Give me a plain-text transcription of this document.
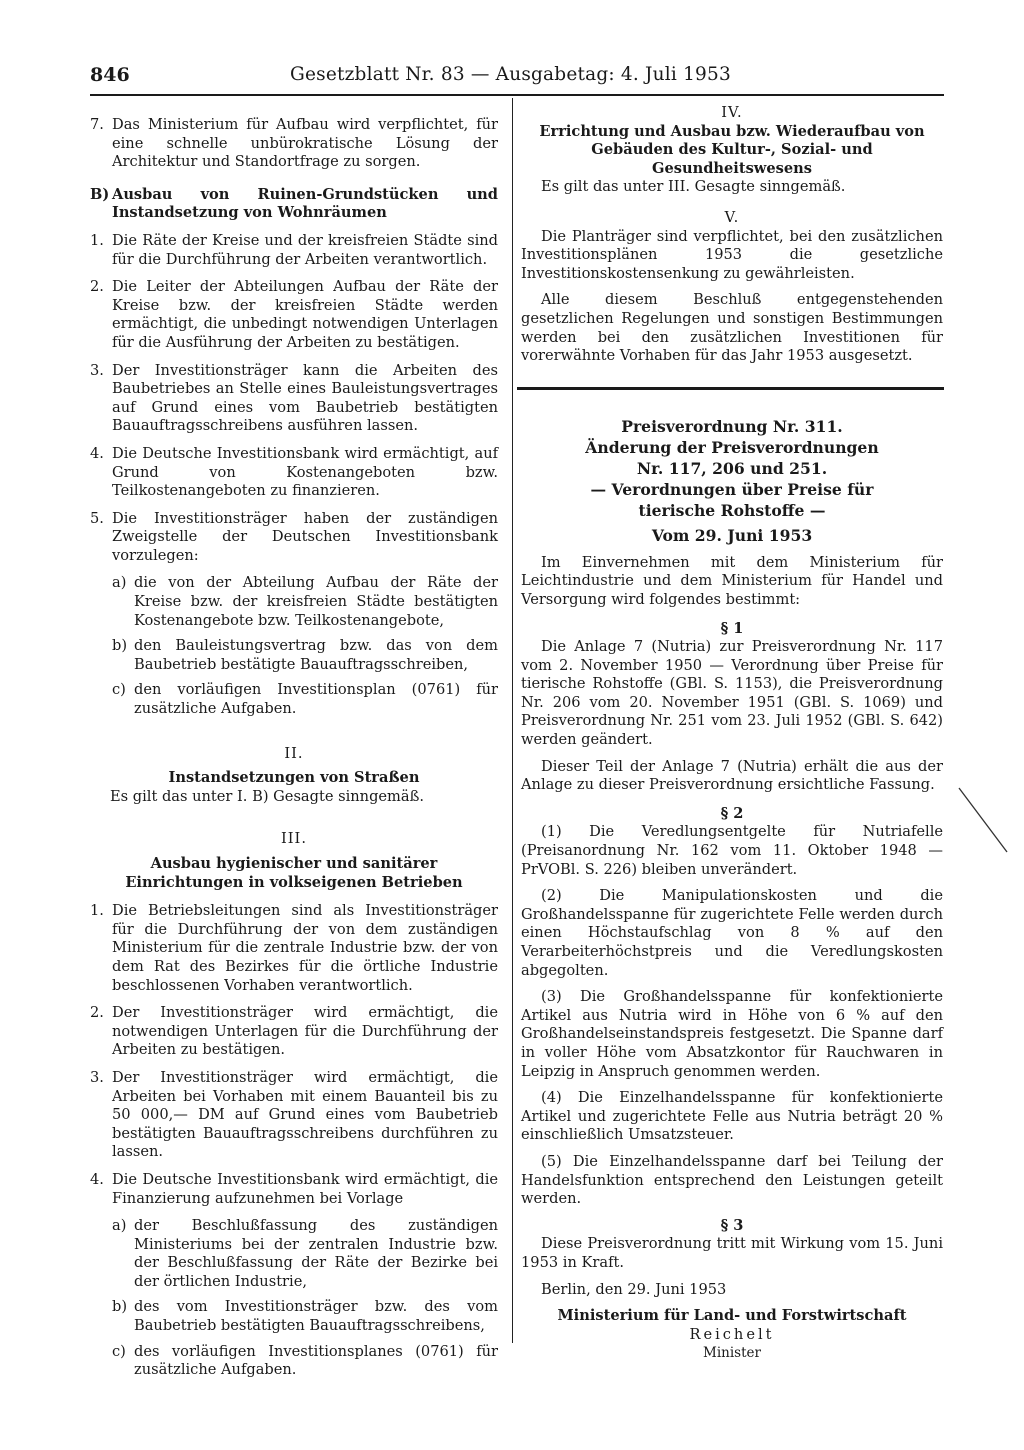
846	Gesetzblatt Nr. 83 — Ausgabetag: 4. Juli 1953
7. Das Ministerium für Aufbau wird verpflichtet, für eine schnelle unbürokratische Lösung der Architektur und Standortfrage zu sorgen.
B) Ausbau von Ruinen-Grundstücken und Instandsetzung von Wohnräumen
1. Die Räte der Kreise und der kreisfreien Städte sind für die Durchführung der Arbeiten verantwortlich.
2. Die Leiter der Abteilungen Aufbau der Räte der Kreise bzw. der kreisfreien Städte werden ermächtigt, die unbedingt notwendigen Unterlagen für die Ausführung der Arbeiten zu bestätigen.
3. Der Investitionsträger kann die Arbeiten des Baubetriebes an Stelle eines Bauleistungsvertrages auf Grund eines vom Baubetrieb bestätigten Bauauftragsschreibens ausführen lassen.
4. Die Deutsche Investitionsbank wird ermächtigt, auf Grund von Kostenangeboten bzw. Teilkostenangeboten zu finanzieren.
5. Die Investitionsträger haben der zuständigen Zweigstelle der Deutschen Investitionsbank vorzulegen:
a) die von der Abteilung Aufbau der Räte der Kreise bzw. der kreisfreien Städte bestätigten Kostenangebote bzw. Teilkostenangebote,
b) den Bauleistungsvertrag bzw. das von dem Baubetrieb bestätigte Bauauftragsschreiben,
c) den vorläufigen Investitionsplan (0761) für zusätzliche Aufgaben.

II.

Instandsetzungen von Straßen

Es gilt das unter I. B) Gesagte sinngemäß.

III.

Ausbau hygienischer und sanitärer Einrichtungen in volkseigenen Betrieben

1. Die Betriebsleitungen sind als Investitionsträger für die Durchführung der von dem zuständigen Ministerium für die zentrale Industrie bzw. der von dem Rat des Bezirkes für die örtliche Industrie beschlossenen Vorhaben verantwortlich.
2. Der Investitionsträger wird ermächtigt, die notwendigen Unterlagen für die Durchführung der Arbeiten zu bestätigen.
3. Der Investitionsträger wird ermächtigt, die Arbeiten bei Vorhaben mit einem Bauanteil bis zu 50 000,— DM auf Grund eines vom Baubetrieb bestätigten Bauauftragsschreibens durchführen zu lassen.
4. Die Deutsche Investitionsbank wird ermächtigt, die Finanzierung aufzunehmen bei Vorlage
a) der Beschlußfassung des zuständigen Ministeriums bei der zentralen Industrie bzw. der Beschlußfassung der Räte der Bezirke bei der örtlichen Industrie,
b) des vom Investitionsträger bzw. des vom Baubetrieb bestätigten Bauauftragsschreibens,
c) des vorläufigen Investitionsplanes (0761) für zusätzliche Aufgaben.

IV.

Errichtung und Ausbau bzw. Wiederaufbau von Gebäuden des Kultur-, Sozial- und Gesundheitswesens

Es gilt das unter III. Gesagte sinngemäß.

V.

Die Planträger sind verpflichtet, bei den zusätzlichen Investitionsplänen 1953 die gesetzliche Investitionskostensenkung zu gewährleisten.

Alle diesem Beschluß entgegenstehenden gesetzlichen Regelungen und sonstigen Bestimmungen werden bei den zusätzlichen Investitionen für vorerwähnte Vorhaben für das Jahr 1953 ausgesetzt.

Preisverordnung Nr. 311.

Änderung der Preisverordnungen Nr. 117, 206 und 251.

— Verordnungen über Preise für tierische Rohstoffe —

Vom 29. Juni 1953

Im Einvernehmen mit dem Ministerium für Leichtindustrie und dem Ministerium für Handel und Versorgung wird folgendes bestimmt:

§ 1

Die Anlage 7 (Nutria) zur Preisverordnung Nr. 117 vom 2. November 1950 — Verordnung über Preise für tierische Rohstoffe (GBl. S. 1153), die Preisverordnung Nr. 206 vom 20. November 1951 (GBl. S. 1069) und Preisverordnung Nr. 251 vom 23. Juli 1952 (GBl. S. 642) werden geändert.

Dieser Teil der Anlage 7 (Nutria) erhält die aus der Anlage zu dieser Preisverordnung ersichtliche Fassung.

§ 2

(1) Die Veredlungsentgelte für Nutriafelle (Preisanordnung Nr. 162 vom 11. Oktober 1948 — PrVOBl. S. 226) bleiben unverändert.

(2) Die Manipulationskosten und die Großhandelsspanne für zugerichtete Felle werden durch einen Höchstaufschlag von 8 % auf den Verarbeiterhöchstpreis und die Veredlungskosten abgegolten.

(3) Die Großhandelsspanne für konfektionierte Artikel aus Nutria wird in Höhe von 6 % auf den Großhandelseinstandspreis festgesetzt. Die Spanne darf in voller Höhe vom Absatzkontor für Rauchwaren in Leipzig in Anspruch genommen werden.

(4) Die Einzelhandelsspanne für konfektionierte Artikel und zugerichtete Felle aus Nutria beträgt 20 % einschließlich Umsatzsteuer.

(5) Die Einzelhandelsspanne darf bei Teilung der Handelsfunktion entsprechend den Leistungen geteilt werden.

§ 3

Diese Preisverordnung tritt mit Wirkung vom 15. Juni 1953 in Kraft.

Berlin, den 29. Juni 1953

Ministerium für Land- und Forstwirtschaft

Reichelt

Minister
